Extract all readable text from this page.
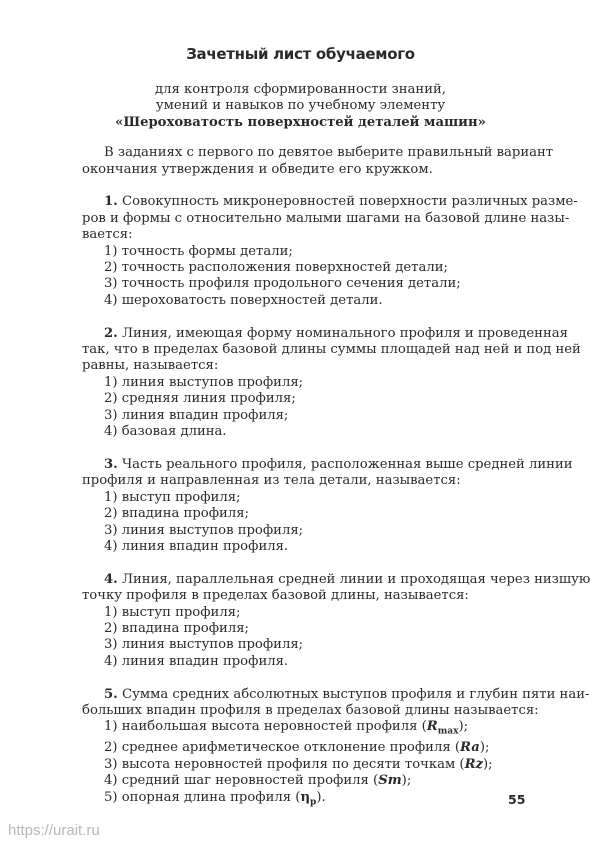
Зачетный лист обучаемого
для контроля сформированности знаний,
умений и навыков по учебному элементу
«Шероховатость поверхностей деталей машин»
В заданиях с первого по девятое выберите правильный вариант
окончания утверждения и обведите его кружком.
1. Совокупность микронеровностей поверхности различных разме-
ров и формы с относительно малыми шагами на базовой длине назы-
вается:
1) точность формы детали;
2) точность расположения поверхностей детали;
3) точность профиля продольного сечения детали;
4) шероховатость поверхностей детали.
2. Линия, имеющая форму номинального профиля и проведенная
так, что в пределах базовой длины суммы площадей над ней и под ней
равны, называется:
1) линия выступов профиля;
2) средняя линия профиля;
3) линия впадин профиля;
4) базовая длина.
3. Часть реального профиля, расположенная выше средней линии
профиля и направленная из тела детали, называется:
1) выступ профиля;
2) впадина профиля;
3) линия выступов профиля;
4) линия впадин профиля.
4. Линия, параллельная средней линии и проходящая через низшую
точку профиля в пределах базовой длины, называется:
1) выступ профиля;
2) впадина профиля;
3) линия выступов профиля;
4) линия впадин профиля.
5. Сумма средних абсолютных выступов профиля и глубин пяти наи-
больших впадин профиля в пределах базовой длины называется:
1) наибольшая высота неровностей профиля $(R_{max})$;
2) среднее арифметическое отклонение профиля (Ra);
3) высота неровностей профиля по десяти точкам (Rz);
4) средний шаг неровностей профиля (Sm);
5) опорная длина профиля $(\eta_p)$.	55
https://urait.ru
